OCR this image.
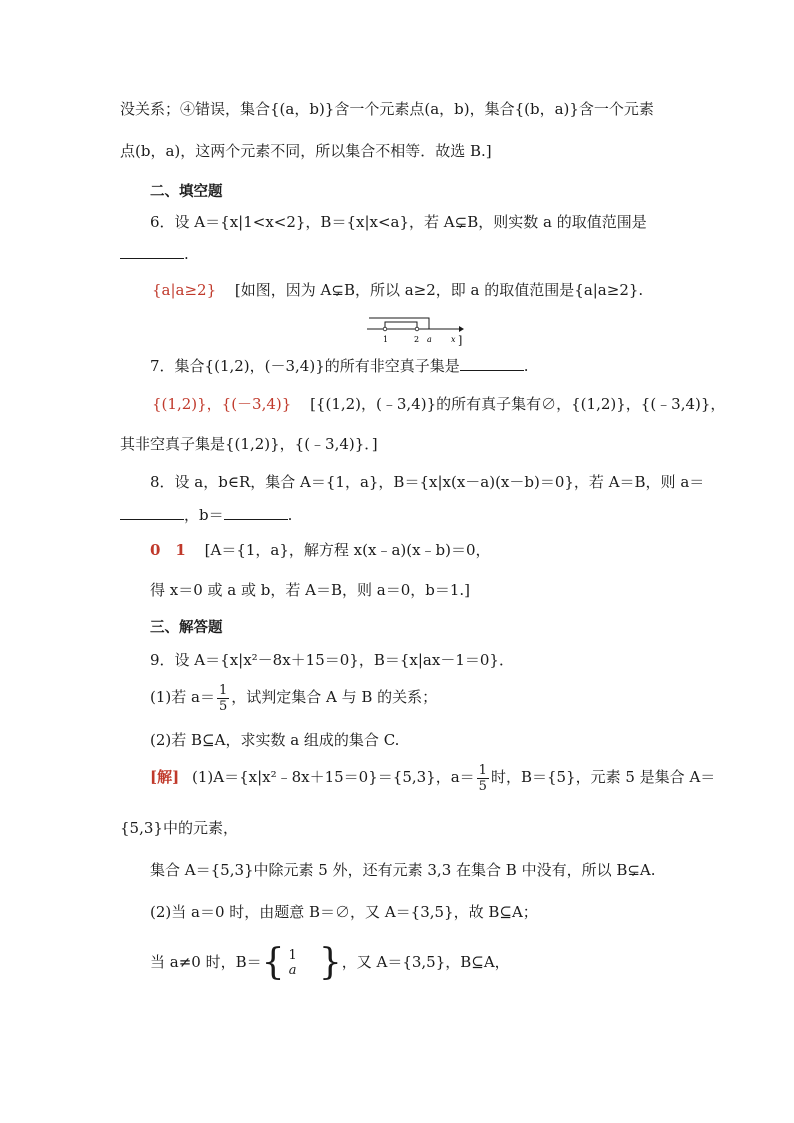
没关系；④错误，集合{(a，b)}含一个元素点(a，b)，集合{(b，a)}含一个元素
点(b，a)，这两个元素不同，所以集合不相等．故选 B.]
二、填空题
6．设 A＝{x|1<x<2}，B＝{x|x<a}，若 A⊊B，则实数 a 的取值范围是
.
{a|a≥2} [如图，因为 A⊊B，所以 a≥2，即 a 的取值范围是{a|a≥2}.
1	2 a x ]
7．集合{(1,2)，(－3,4)}的所有非空真子集是	.
{(1,2)}，{(－3,4)} [{(1,2)，(﹣3,4)}的所有真子集有∅，{(1,2)}，{(﹣3,4)}，
其非空真子集是{(1,2)}，{(﹣3,4)}．]
8．设 a，b∈R，集合 A＝{1，a}，B＝{x|x(x－a)(x－b)＝0}，若 A＝B，则 a＝
，b＝	.
0　1 [A＝{1，a}，解方程 x(x﹣a)(x﹣b)＝0，
得 x＝0 或 a 或 b，若 A＝B，则 a＝0，b＝1.]
三、解答题
9．设 A＝{x|x²－8x＋15＝0}，B＝{x|ax－1＝0}．
(1)若 $a= \frac{1}{5}$ ，试判定集合 A 与 B 的关系；
(2)若 B⊆A，求实数 a 组成的集合 C.
[解] (1)A＝{x|x²﹣8x＋15＝0}＝{5,3}，$a= \frac{1}{5}$ 时，B＝{5}，元素 5 是集合 A＝
{5,3}中的元素，
集合 A＝{5,3}中除元素 5 外，还有元素 3,3 在集合 B 中没有，所以 B⊊A.
(2)当 a＝0 时，由题意 B＝∅，又 A＝{3,5}，故 B⊆A；
当 a≠0 时，B＝{ 1
a }，又 A＝{3,5}，B⊆A，
